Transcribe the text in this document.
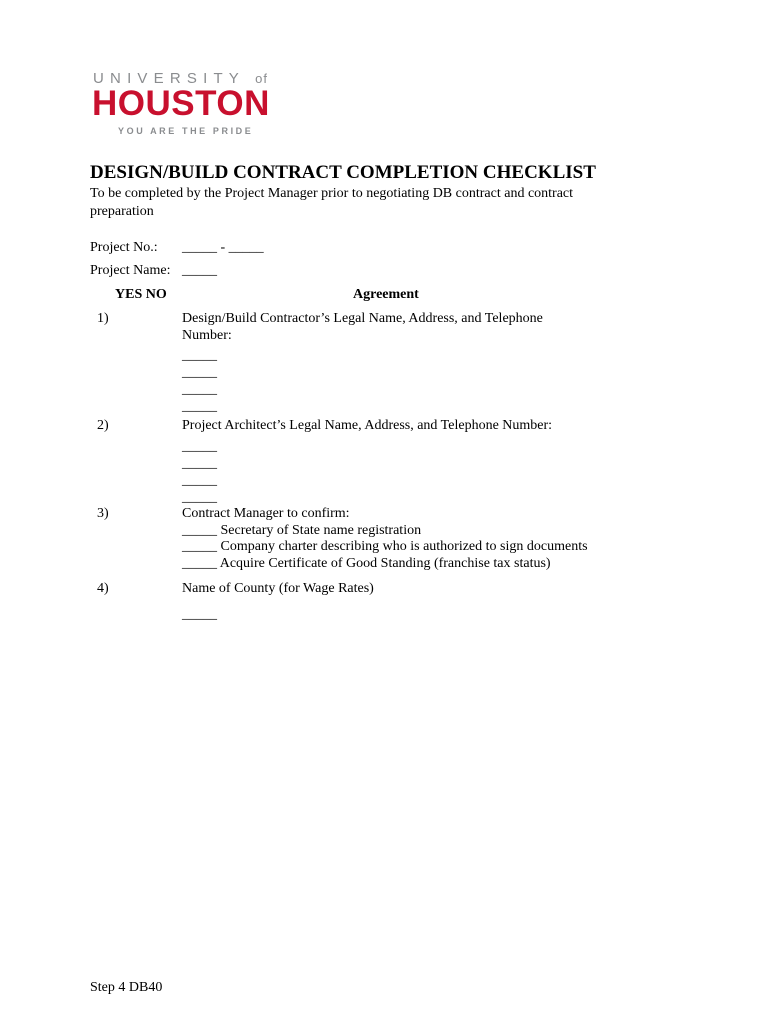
UNIVERSITY of
HOUSTON
YOU ARE THE PRIDE
DESIGN/BUILD CONTRACT COMPLETION CHECKLIST
To be completed by the Project Manager prior to negotiating DB contract and contract
preparation
Project No.: _____ - _____
Project Name: _____
YES NO	Agreement
1)	Design/Build Contractor’s Legal Name, Address, and Telephone
Number:
_____
_____
_____
_____
2)	Project Architect’s Legal Name, Address, and Telephone Number:
_____
_____
_____
_____
3)	Contract Manager to confirm:
_____ Secretary of State name registration
_____ Company charter describing who is authorized to sign documents
_____ Acquire Certificate of Good Standing (franchise tax status)
4)	Name of County (for Wage Rates)
_____
Step 4 DB40
